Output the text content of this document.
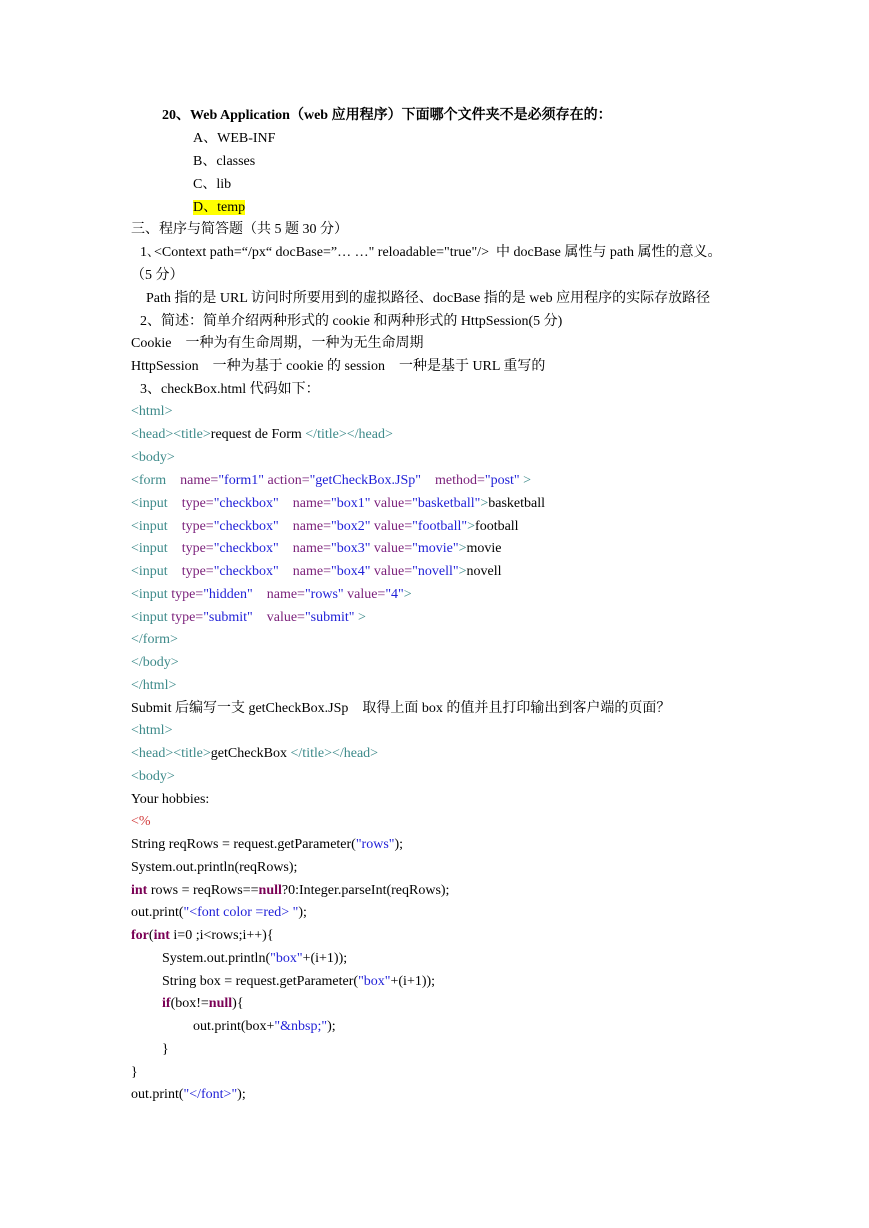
20、Web Application（web 应用程序）下面哪个文件夹不是必须存在的：

A、WEB-INF

B、classes

C、lib

D、temp

三、程序与简答题（共 5 题 30 分）

1､<Context path=“/px“ docBase=”… …" reloadable="true"/>  中 docBase 属性与 path 属性的意义。

（5 分）

Path 指的是 URL 访问时所要用到的虚拟路径、docBase 指的是 web 应用程序的实际存放路径

2、简述：简单介绍两种形式的 cookie 和两种形式的 HttpSession(5 分)

Cookie    一种为有生命周期，一种为无生命周期

HttpSession    一种为基于 cookie 的 session    一种是基于 URL 重写的

3、checkBox.html 代码如下：

<html>

<head><title>request de Form </title></head>

<body>

<form name="form1" action="getCheckBox.JSp" method="post" >

<input type="checkbox" name="box1" value="basketball">basketball

<input type="checkbox" name="box2" value="football">football

<input type="checkbox" name="box3" value="movie">movie

<input type="checkbox" name="box4" value="novell">novell

<input type="hidden" name="rows" value="4">

<input type="submit" value="submit" >

</form>

</body>

</html>

Submit 后编写一支 getCheckBox.JSp    取得上面 box 的值并且打印输出到客户端的页面？

<html>

<head><title>getCheckBox </title></head>

<body>

Your hobbies:

<%

String reqRows = request.getParameter("rows");

System.out.println(reqRows);

int rows = reqRows==null?0:Integer.parseInt(reqRows);

out.print("<font color =red> ");

for(int i=0 ;i<rows;i++){

System.out.println("box"+(i+1));

String box = request.getParameter("box"+(i+1));

if(box!=null){

out.print(box+"&nbsp;");

}

}

out.print("</font>");
